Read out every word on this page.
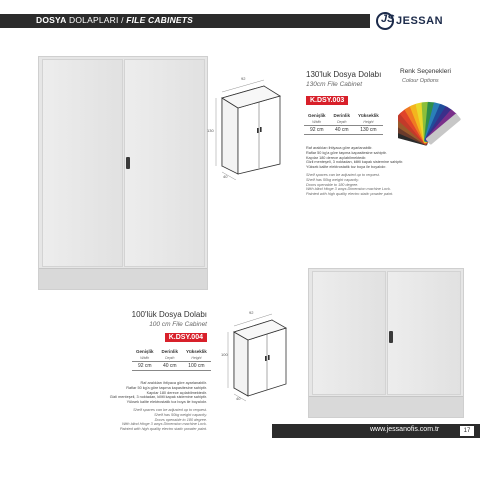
DOSYA DOLAPLARI / FILE CABINETS	JS JESSAN
92
130
40
130'luk Dosya Dolabı
130cm File Cabinet
K.DSY.003
Genişlik	Derinlik	Yükseklik
Width	Depth	Height
92 cm	40 cm	130 cm
Raf aralıkları ihtiyaca göre ayarlanabilir.
Raflar 50 kg'a göre taşıma kapasitesine sahiptir.
Kapılar 180 derece açılabilmektedir.
Gizli menteşeli, 3 noktadan, kilitli kapak sistemine sahiptir.
Yüksek kalite elektrostatik toz boya ile boyalıdır.
Shelf spaces can be adjusted up to request.
Shelf has 50kg weight capacity.
Doors openable to 180 degree.
With blind Hinge 3 ways Dimension machine Lock.
Painted with high quality electro static powder paint.
Renk Seçenekleri
Colour Options
92
100
40
100'lük Dosya Dolabı
100 cm File Cabinet
K.DSY.004
Genişlik	Derinlik	Yükseklik
Width	Depth	Height
92 cm	40 cm	100 cm
Raf aralıkları ihtiyaca göre ayarlanabilir.
Raflar 50 kg'a göre taşıma kapasitesine sahiptir.
Kapılar 180 derece açılabilmektedir.
Gizli menteşeli, 3 noktadan, kilitli kapak sistemine sahiptir.
Yüksek kalite elektrostatik toz boya ile boyalıdır.
Shelf spaces can be adjusted up to request.
Shelf has 50kg weight capacity.
Doors openable to 180 degree.
With blind Hinge 3 ways Dimension machine Lock.
Painted with high quality electro static powder paint.	www.jessanofis.com.tr	17
